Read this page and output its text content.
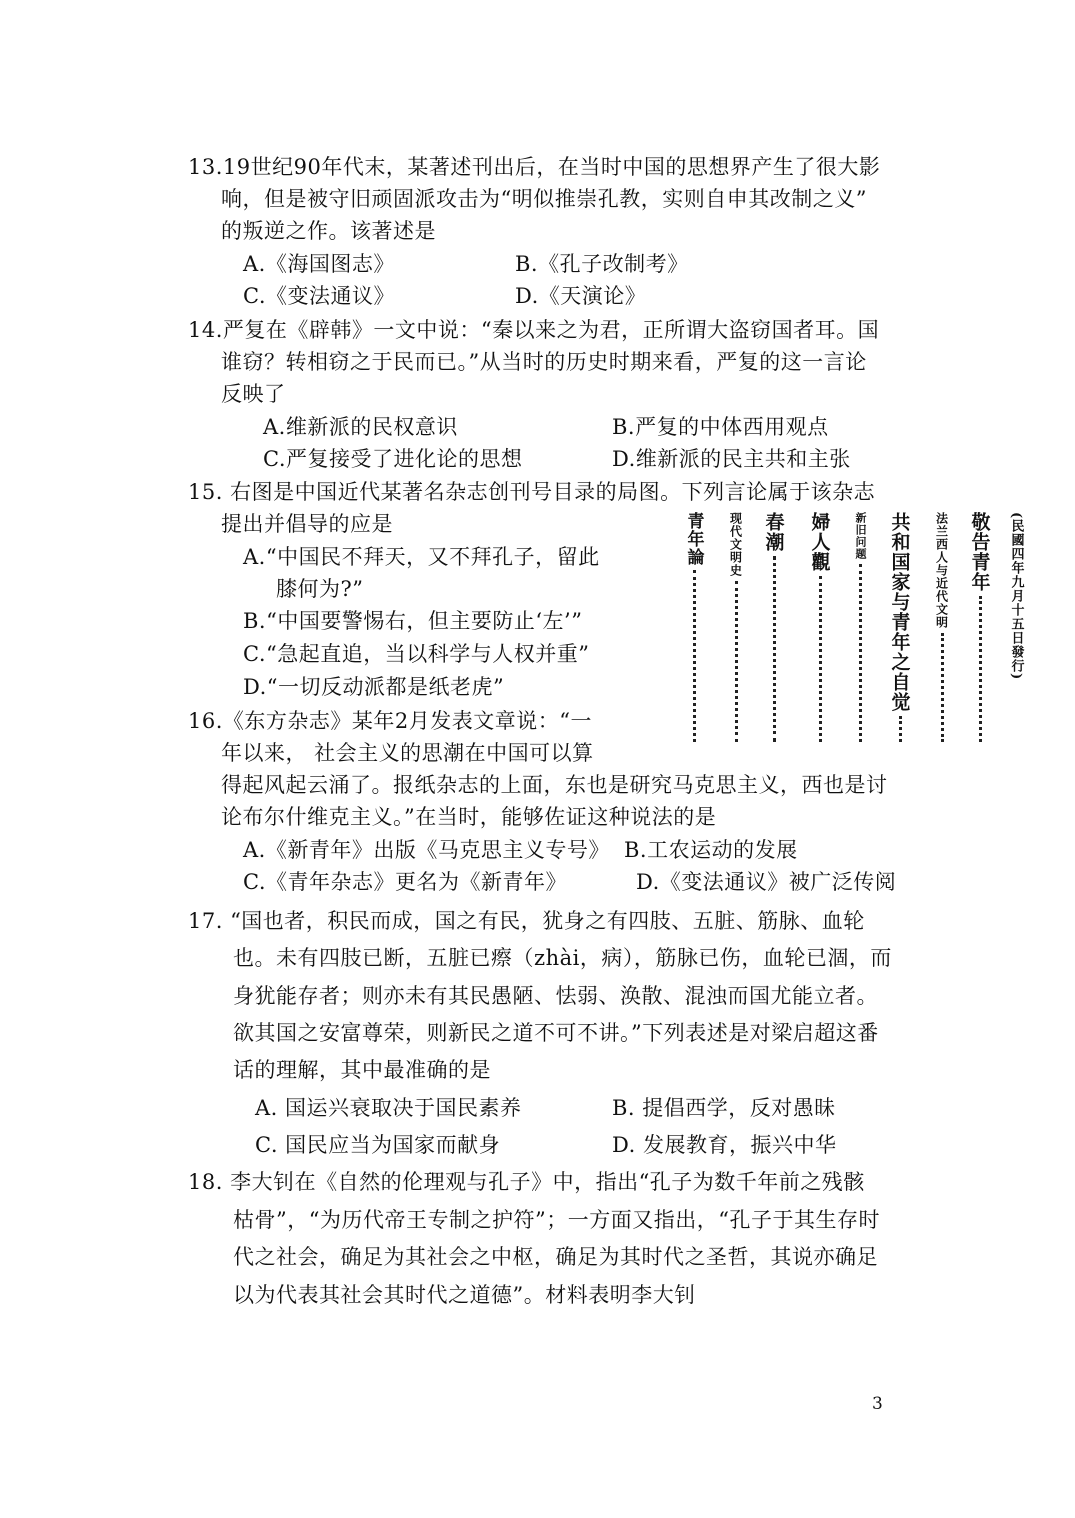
13.19世纪90年代末，某著述刊出后，在当时中国的思想界产生了很大影
响，但是被守旧顽固派攻击为“明似推崇孔教，实则自申其改制之义”
的叛逆之作。该著述是
A.《海国图志》	B.《孔子改制考》
C.《变法通议》	D.《天演论》
14.严复在《辟韩》一文中说：“秦以来之为君，正所谓大盗窃国者耳。国
谁窃？转相窃之于民而已。”从当时的历史时期来看，严复的这一言论
反映了
A.维新派的民权意识	B.严复的中体西用观点
C.严复接受了进化论的思想	D.维新派的民主共和主张
15. 右图是中国近代某著名杂志创刊号目录的局图。下列言论属于该杂志
提出并倡导的应是
A.“中国民不拜天，又不拜孔子，留此
膝何为?”
B.“中国要警惕右，但主要防止‘左’”
C.“急起直追，当以科学与人权并重”
D.“一切反动派都是纸老虎”
(民國四年九月十五日發行)
敬告青年
法兰西人与近代文明
共和国家与青年之自觉
新旧问题
婦人觀
春潮
现代文明史
青年論
16.《东方杂志》某年2月发表文章说：“一
年以来， 社会主义的思潮在中国可以算
得起风起云涌了。报纸杂志的上面，东也是研究马克思主义，西也是讨
论布尔什维克主义。”在当时，能够佐证这种说法的是
A.《新青年》出版《马克思主义专号》 B.工农运动的发展
C.《青年杂志》更名为《新青年》	D.《变法通议》被广泛传阅
17. “国也者，积民而成，国之有民，犹身之有四肢、五脏、筋脉、血轮
也。未有四肢已断，五脏已瘵（zhài，病），筋脉已伤，血轮已涸，而
身犹能存者；则亦未有其民愚陋、怯弱、涣散、混浊而国尤能立者。
欲其国之安富尊荣，则新民之道不可不讲。”下列表述是对梁启超这番
话的理解，其中最准确的是
A. 国运兴衰取决于国民素养	B. 提倡西学，反对愚昧
C. 国民应当为国家而献身	D. 发展教育，振兴中华
18. 李大钊在《自然的伦理观与孔子》中，指出“孔子为数千年前之残骸
枯骨”，“为历代帝王专制之护符”；一方面又指出，“孔子于其生存时
代之社会，确足为其社会之中枢，确足为其时代之圣哲，其说亦确足
以为代表其社会其时代之道德”。材料表明李大钊
3
